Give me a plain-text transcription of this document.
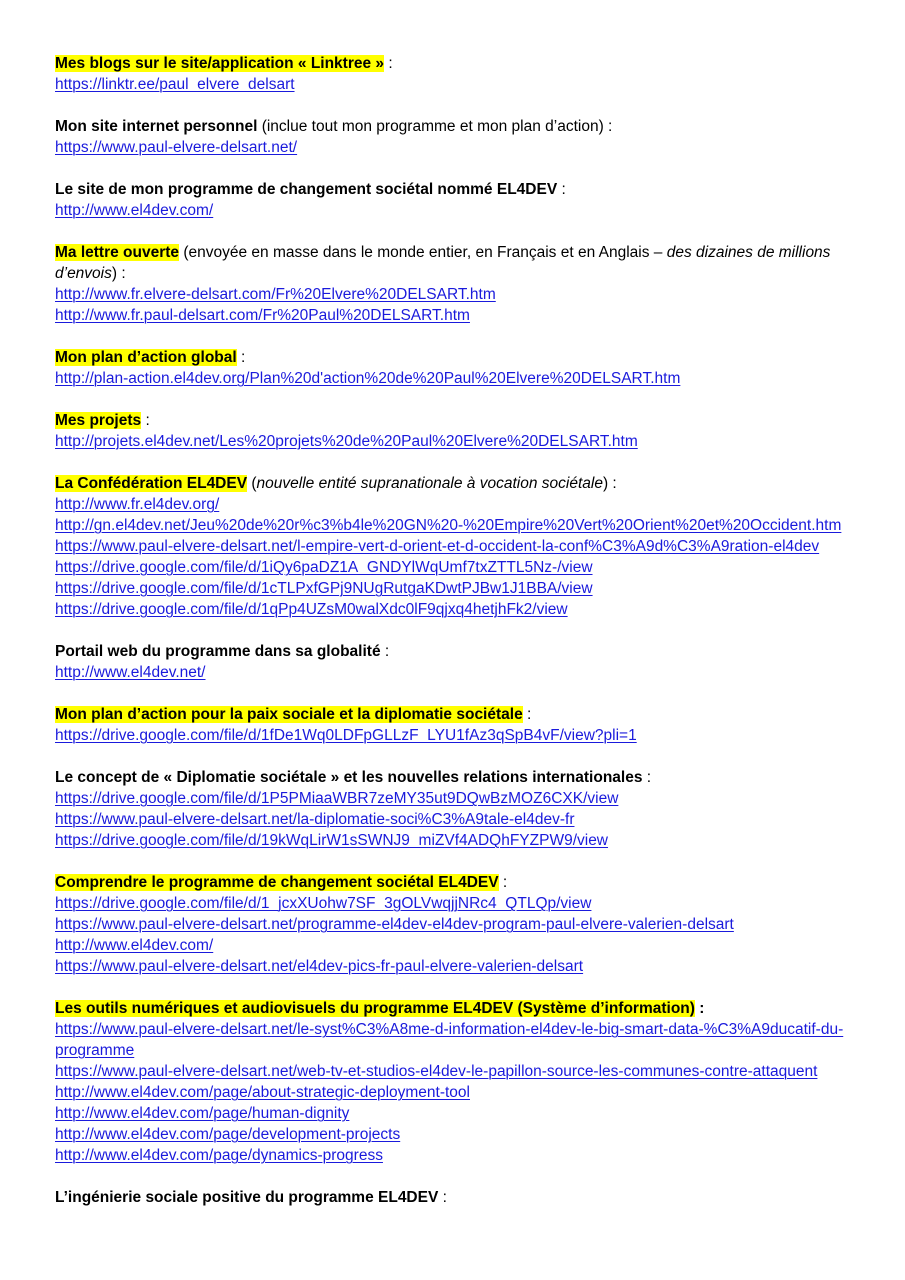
Mes blogs sur le site/application « Linktree » :
https://linktr.ee/paul_elvere_delsart
Mon site internet personnel (inclue tout mon programme et mon plan d’action) :
https://www.paul-elvere-delsart.net/
Le site de mon programme de changement sociétal nommé EL4DEV :
http://www.el4dev.com/
Ma lettre ouverte (envoyée en masse dans le monde entier, en Français et en Anglais – des dizaines de millions
d’envois) :
http://www.fr.elvere-delsart.com/Fr%20Elvere%20DELSART.htm
http://www.fr.paul-delsart.com/Fr%20Paul%20DELSART.htm
Mon plan d’action global :
http://plan-action.el4dev.org/Plan%20d'action%20de%20Paul%20Elvere%20DELSART.htm
Mes projets :
http://projets.el4dev.net/Les%20projets%20de%20Paul%20Elvere%20DELSART.htm
La Confédération EL4DEV (nouvelle entité supranationale à vocation sociétale) :
http://www.fr.el4dev.org/
http://gn.el4dev.net/Jeu%20de%20r%c3%b4le%20GN%20-%20Empire%20Vert%20Orient%20et%20Occident.htm
https://www.paul-elvere-delsart.net/l-empire-vert-d-orient-et-d-occident-la-conf%C3%A9d%C3%A9ration-el4dev
https://drive.google.com/file/d/1iQy6paDZ1A_GNDYlWqUmf7txZTTL5Nz-/view
https://drive.google.com/file/d/1cTLPxfGPj9NUgRutgaKDwtPJBw1J1BBA/view
https://drive.google.com/file/d/1qPp4UZsM0walXdc0lF9qjxq4hetjhFk2/view
Portail web du programme dans sa globalité :
http://www.el4dev.net/
Mon plan d’action pour la paix sociale et la diplomatie sociétale :
https://drive.google.com/file/d/1fDe1Wq0LDFpGLLzF_LYU1fAz3qSpB4vF/view?pli=1
Le concept de « Diplomatie sociétale » et les nouvelles relations internationales :
https://drive.google.com/file/d/1P5PMiaaWBR7zeMY35ut9DQwBzMOZ6CXK/view
https://www.paul-elvere-delsart.net/la-diplomatie-soci%C3%A9tale-el4dev-fr
https://drive.google.com/file/d/19kWqLirW1sSWNJ9_miZVf4ADQhFYZPW9/view
Comprendre le programme de changement sociétal EL4DEV :
https://drive.google.com/file/d/1_jcxXUohw7SF_3gOLVwqjjNRc4_QTLQp/view
https://www.paul-elvere-delsart.net/programme-el4dev-el4dev-program-paul-elvere-valerien-delsart
http://www.el4dev.com/
https://www.paul-elvere-delsart.net/el4dev-pics-fr-paul-elvere-valerien-delsart
Les outils numériques et audiovisuels du programme EL4DEV (Système d’information) :
https://www.paul-elvere-delsart.net/le-syst%C3%A8me-d-information-el4dev-le-big-smart-data-%C3%A9ducatif-du-
programme
https://www.paul-elvere-delsart.net/web-tv-et-studios-el4dev-le-papillon-source-les-communes-contre-attaquent
http://www.el4dev.com/page/about-strategic-deployment-tool
http://www.el4dev.com/page/human-dignity
http://www.el4dev.com/page/development-projects
http://www.el4dev.com/page/dynamics-progress
L’ingénierie sociale positive du programme EL4DEV :
